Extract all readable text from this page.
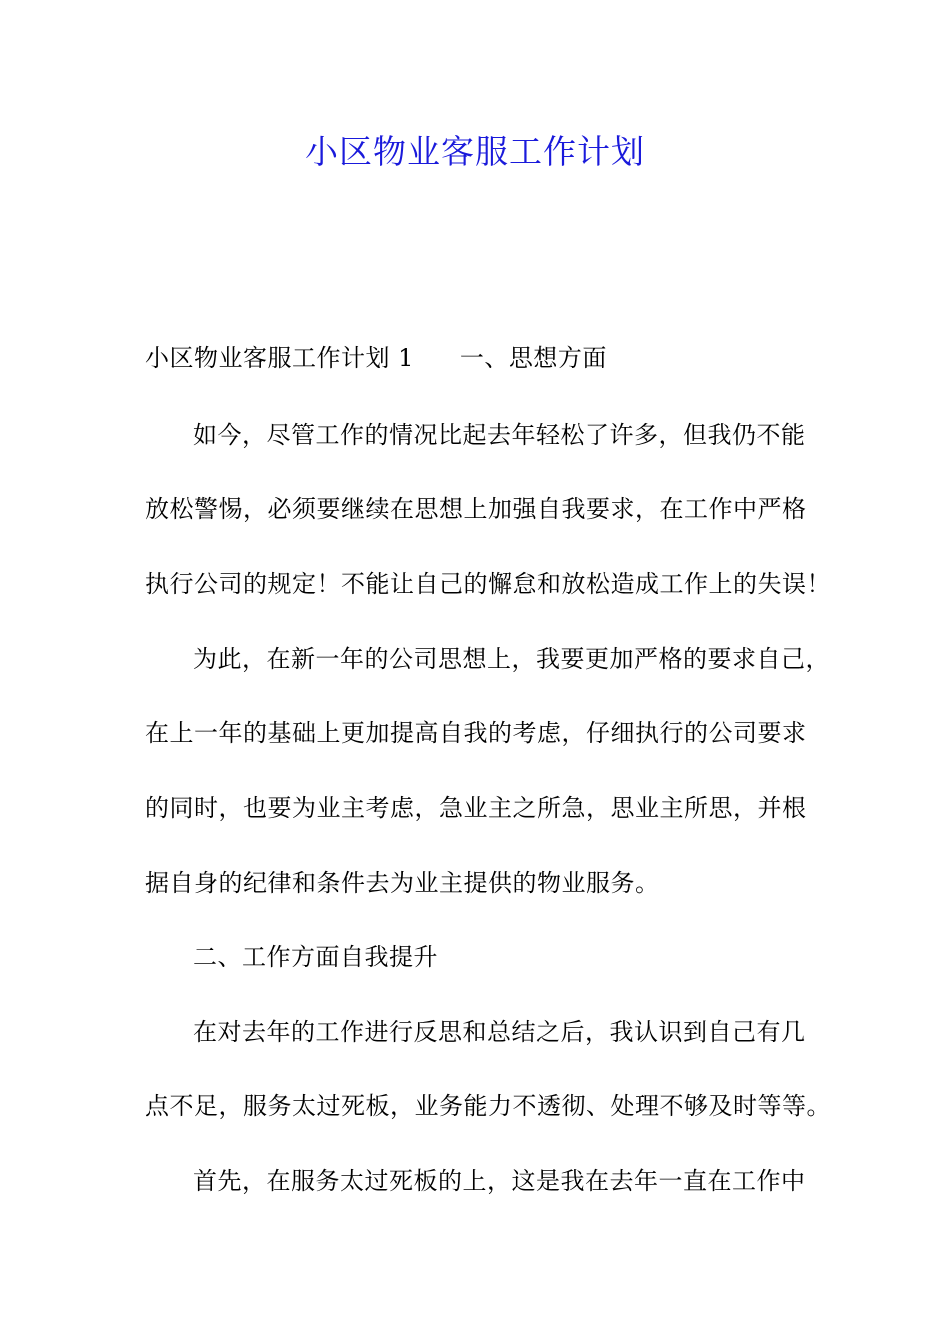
小区物业客服工作计划
小区物业客服工作计划 1 一、思想方面
如今，尽管工作的情况比起去年轻松了许多，但我仍不能
放松警惕，必须要继续在思想上加强自我要求，在工作中严格
执行公司的规定！不能让自己的懈怠和放松造成工作上的失误！
为此，在新一年的公司思想上，我要更加严格的要求自己，
在上一年的基础上更加提高自我的考虑，仔细执行的公司要求
的同时，也要为业主考虑，急业主之所急，思业主所思，并根
据自身的纪律和条件去为业主提供的物业服务。
二、工作方面自我提升
在对去年的工作进行反思和总结之后，我认识到自己有几
点不足，服务太过死板，业务能力不透彻、处理不够及时等等。
首先，在服务太过死板的上，这是我在去年一直在工作中
